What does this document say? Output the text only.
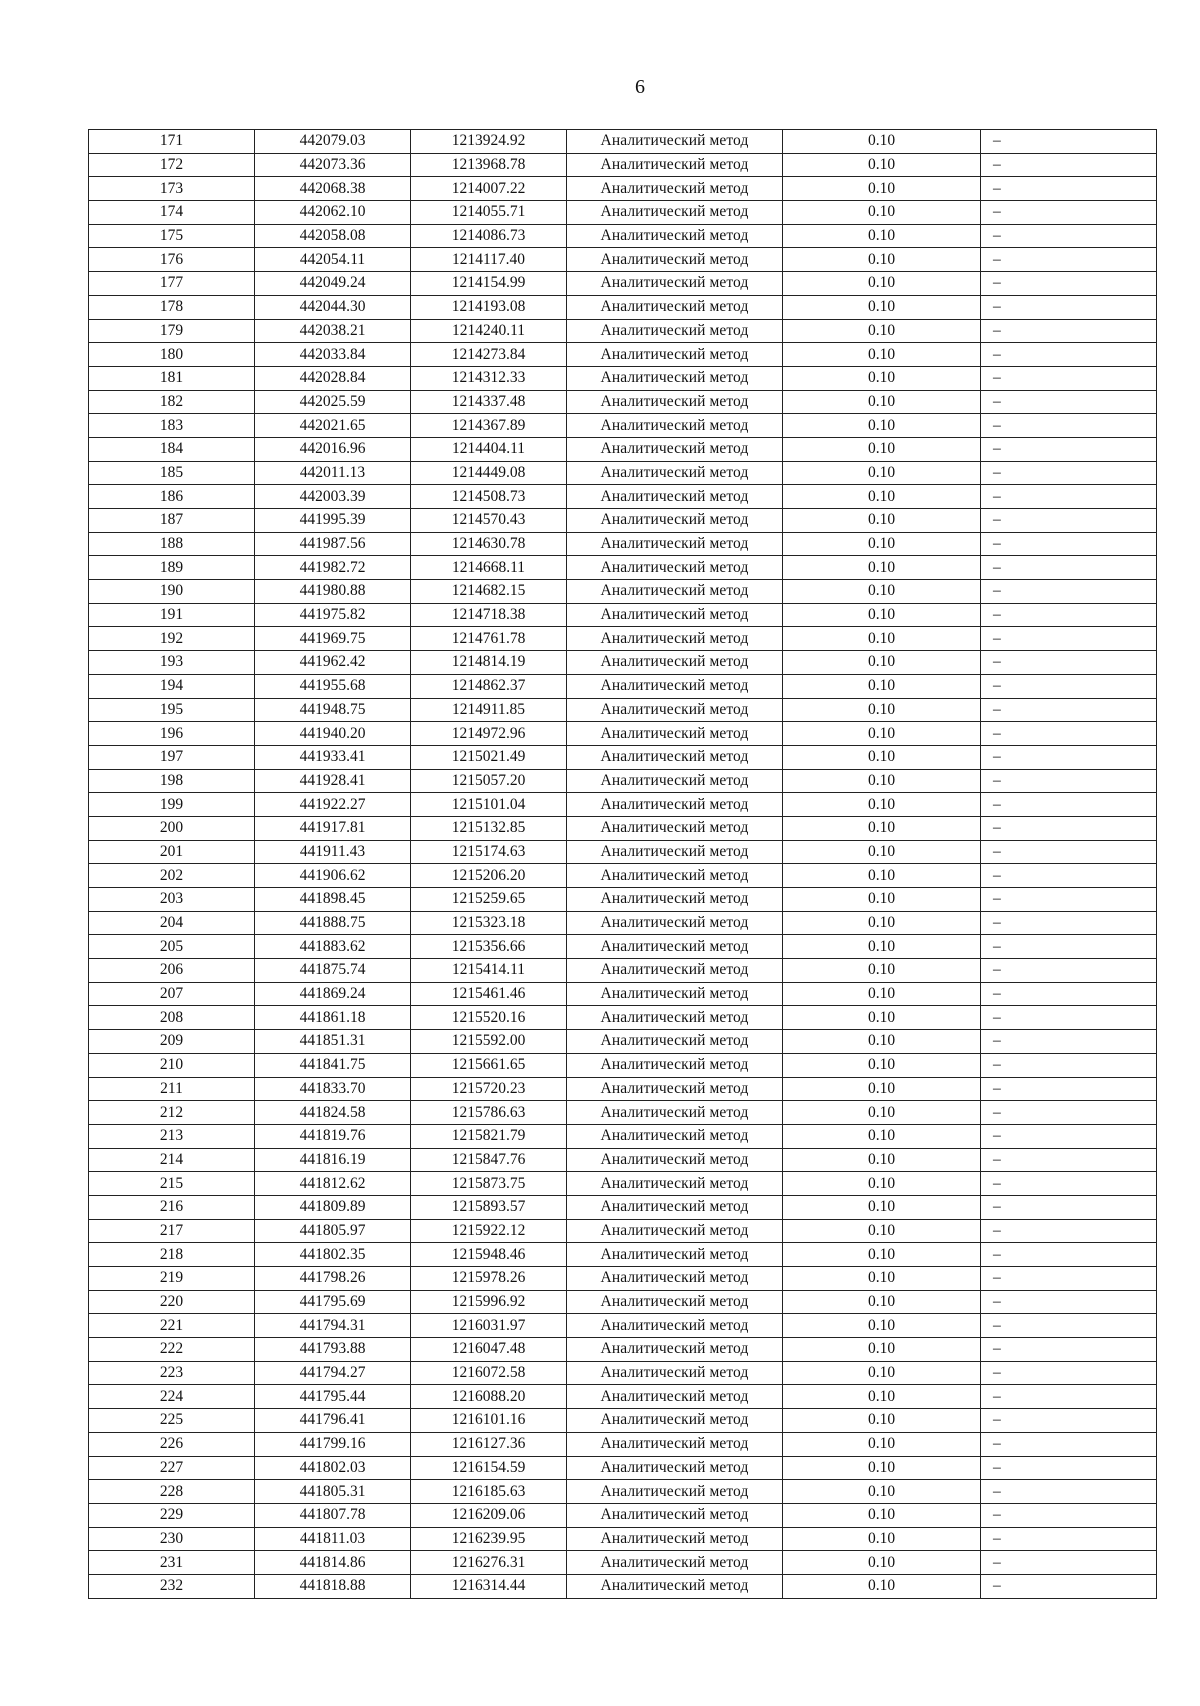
6
171	442079.03	1213924.92	Аналитический метод	0.10	–
172	442073.36	1213968.78	Аналитический метод	0.10	–
173	442068.38	1214007.22	Аналитический метод	0.10	–
174	442062.10	1214055.71	Аналитический метод	0.10	–
175	442058.08	1214086.73	Аналитический метод	0.10	–
176	442054.11	1214117.40	Аналитический метод	0.10	–
177	442049.24	1214154.99	Аналитический метод	0.10	–
178	442044.30	1214193.08	Аналитический метод	0.10	–
179	442038.21	1214240.11	Аналитический метод	0.10	–
180	442033.84	1214273.84	Аналитический метод	0.10	–
181	442028.84	1214312.33	Аналитический метод	0.10	–
182	442025.59	1214337.48	Аналитический метод	0.10	–
183	442021.65	1214367.89	Аналитический метод	0.10	–
184	442016.96	1214404.11	Аналитический метод	0.10	–
185	442011.13	1214449.08	Аналитический метод	0.10	–
186	442003.39	1214508.73	Аналитический метод	0.10	–
187	441995.39	1214570.43	Аналитический метод	0.10	–
188	441987.56	1214630.78	Аналитический метод	0.10	–
189	441982.72	1214668.11	Аналитический метод	0.10	–
190	441980.88	1214682.15	Аналитический метод	0.10	–
191	441975.82	1214718.38	Аналитический метод	0.10	–
192	441969.75	1214761.78	Аналитический метод	0.10	–
193	441962.42	1214814.19	Аналитический метод	0.10	–
194	441955.68	1214862.37	Аналитический метод	0.10	–
195	441948.75	1214911.85	Аналитический метод	0.10	–
196	441940.20	1214972.96	Аналитический метод	0.10	–
197	441933.41	1215021.49	Аналитический метод	0.10	–
198	441928.41	1215057.20	Аналитический метод	0.10	–
199	441922.27	1215101.04	Аналитический метод	0.10	–
200	441917.81	1215132.85	Аналитический метод	0.10	–
201	441911.43	1215174.63	Аналитический метод	0.10	–
202	441906.62	1215206.20	Аналитический метод	0.10	–
203	441898.45	1215259.65	Аналитический метод	0.10	–
204	441888.75	1215323.18	Аналитический метод	0.10	–
205	441883.62	1215356.66	Аналитический метод	0.10	–
206	441875.74	1215414.11	Аналитический метод	0.10	–
207	441869.24	1215461.46	Аналитический метод	0.10	–
208	441861.18	1215520.16	Аналитический метод	0.10	–
209	441851.31	1215592.00	Аналитический метод	0.10	–
210	441841.75	1215661.65	Аналитический метод	0.10	–
211	441833.70	1215720.23	Аналитический метод	0.10	–
212	441824.58	1215786.63	Аналитический метод	0.10	–
213	441819.76	1215821.79	Аналитический метод	0.10	–
214	441816.19	1215847.76	Аналитический метод	0.10	–
215	441812.62	1215873.75	Аналитический метод	0.10	–
216	441809.89	1215893.57	Аналитический метод	0.10	–
217	441805.97	1215922.12	Аналитический метод	0.10	–
218	441802.35	1215948.46	Аналитический метод	0.10	–
219	441798.26	1215978.26	Аналитический метод	0.10	–
220	441795.69	1215996.92	Аналитический метод	0.10	–
221	441794.31	1216031.97	Аналитический метод	0.10	–
222	441793.88	1216047.48	Аналитический метод	0.10	–
223	441794.27	1216072.58	Аналитический метод	0.10	–
224	441795.44	1216088.20	Аналитический метод	0.10	–
225	441796.41	1216101.16	Аналитический метод	0.10	–
226	441799.16	1216127.36	Аналитический метод	0.10	–
227	441802.03	1216154.59	Аналитический метод	0.10	–
228	441805.31	1216185.63	Аналитический метод	0.10	–
229	441807.78	1216209.06	Аналитический метод	0.10	–
230	441811.03	1216239.95	Аналитический метод	0.10	–
231	441814.86	1216276.31	Аналитический метод	0.10	–
232	441818.88	1216314.44	Аналитический метод	0.10	–
